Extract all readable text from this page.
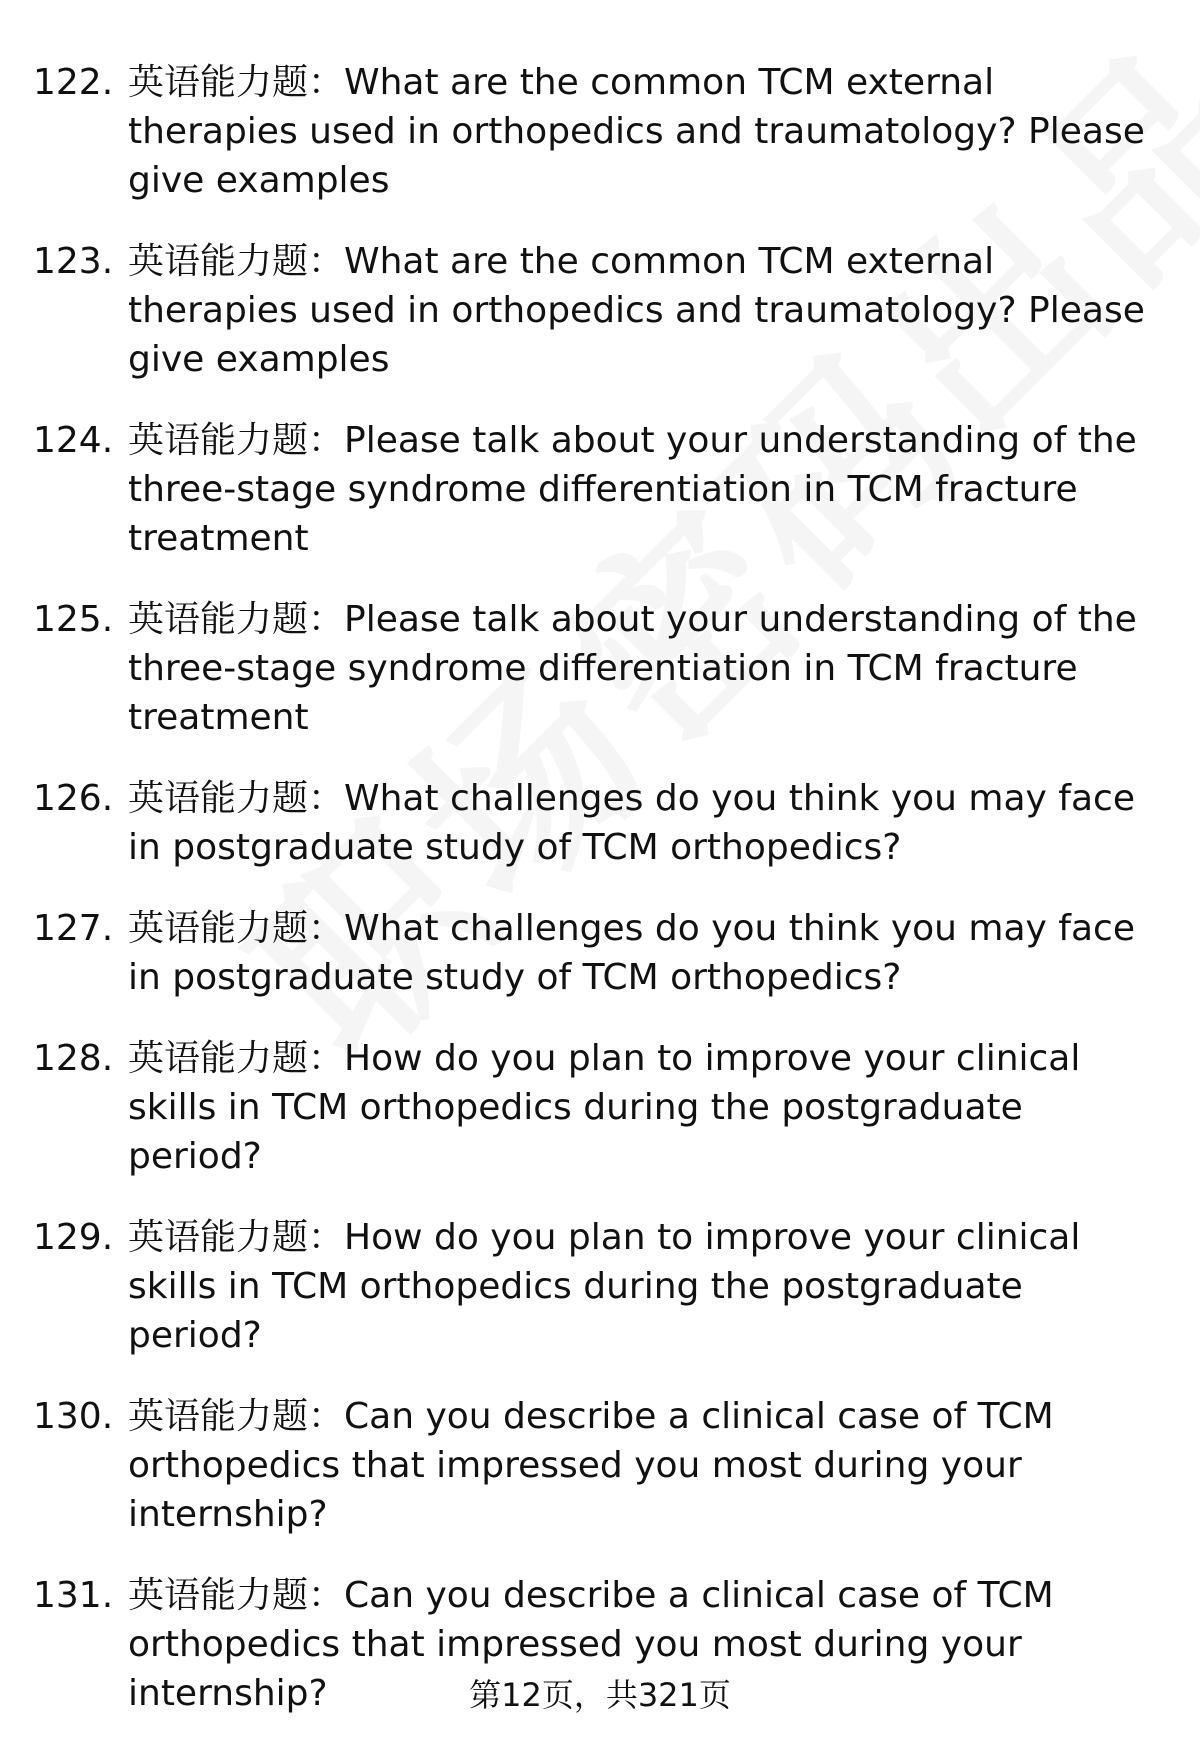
122. 英语能力题：What are the common TCM external therapies used in orthopedics and traumatology? Please give examples
123. 英语能力题：What are the common TCM external therapies used in orthopedics and traumatology? Please give examples
124. 英语能力题：Please talk about your understanding of the three-stage syndrome differentiation in TCM fracture treatment
125. 英语能力题：Please talk about your understanding of the three-stage syndrome differentiation in TCM fracture treatment
126. 英语能力题：What challenges do you think you may face in postgraduate study of TCM orthopedics?
127. 英语能力题：What challenges do you think you may face in postgraduate study of TCM orthopedics?
128. 英语能力题：How do you plan to improve your clinical skills in TCM orthopedics during the postgraduate period?
129. 英语能力题：How do you plan to improve your clinical skills in TCM orthopedics during the postgraduate period?
130. 英语能力题：Can you describe a clinical case of TCM orthopedics that impressed you most during your internship?
131. 英语能力题：Can you describe a clinical case of TCM orthopedics that impressed you most during your internship?	第12页，共321页
